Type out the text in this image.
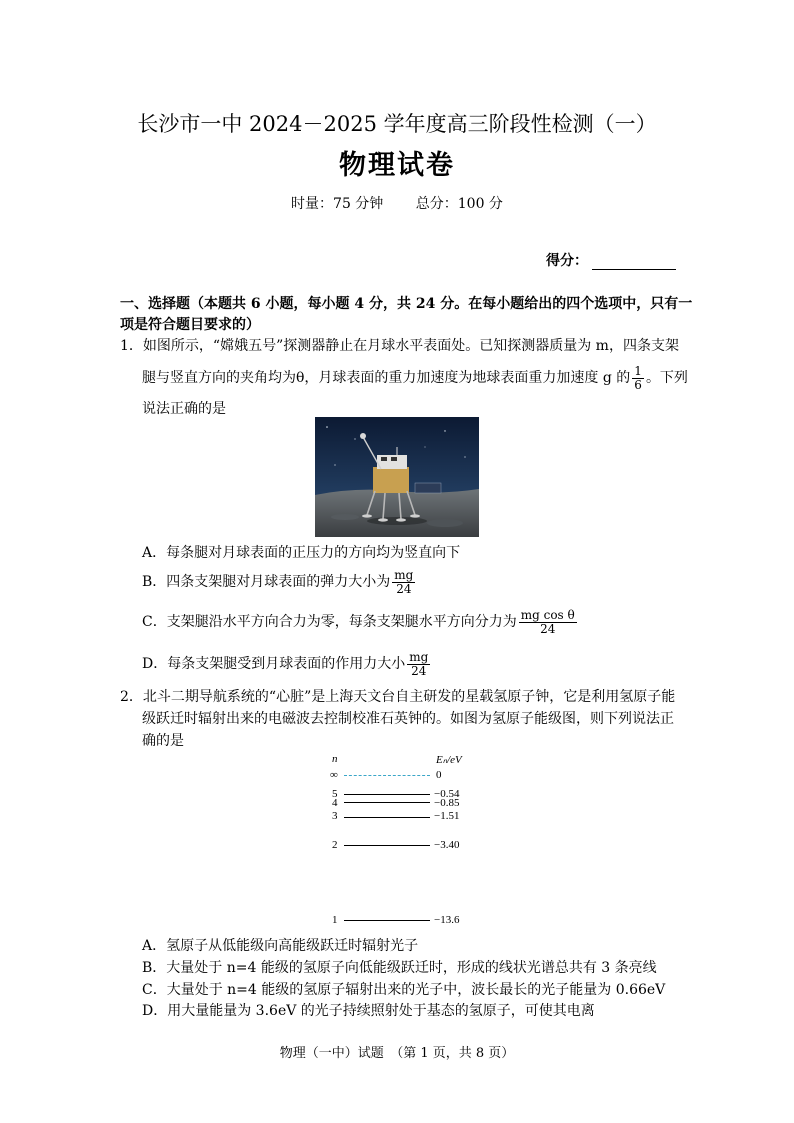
长沙市一中 2024－2025 学年度高三阶段性检测（一）
物理试卷
时量：75 分钟 总分：100 分
得分：
一、选择题（本题共 6 小题，每小题 4 分，共 24 分。在每小题给出的四个选项中，只有一
项是符合题目要求的）
1．如图所示，“嫦娥五号”探测器静止在月球水平表面处。已知探测器质量为 m，四条支架
腿与竖直方向的夹角均为θ，月球表面的重力加速度为地球表面重力加速度 g 的 $\frac{1}{6}$ 。下列
说法正确的是
A．每条腿对月球表面的正压力的方向均为竖直向下
B．四条支架腿对月球表面的弹力大小为 $\frac{mg}{24}$
C．支架腿沿水平方向合力为零，每条支架腿水平方向分力为 $\frac{\text{mg cos θ}}{24}$
D．每条支架腿受到月球表面的作用力大小 $\frac{mg}{24}$
2．北斗二期导航系统的“心脏”是上海天文台自主研发的星载氢原子钟，它是利用氢原子能
级跃迁时辐射出来的电磁波去控制校准石英钟的。如图为氢原子能级图，则下列说法正
确的是
n	Eₙ/eV
∞	0
5	−0.54
4	−0.85
3	−1.51
2	−3.40
1	−13.6
A．氢原子从低能级向高能级跃迁时辐射光子
B．大量处于 n=4 能级的氢原子向低能级跃迁时，形成的线状光谱总共有 3 条亮线
C．大量处于 n=4 能级的氢原子辐射出来的光子中，波长最长的光子能量为 0.66eV
D．用大量能量为 3.6eV 的光子持续照射处于基态的氢原子，可使其电离
物理（一中）试题　（第 1 页，共 8 页）
